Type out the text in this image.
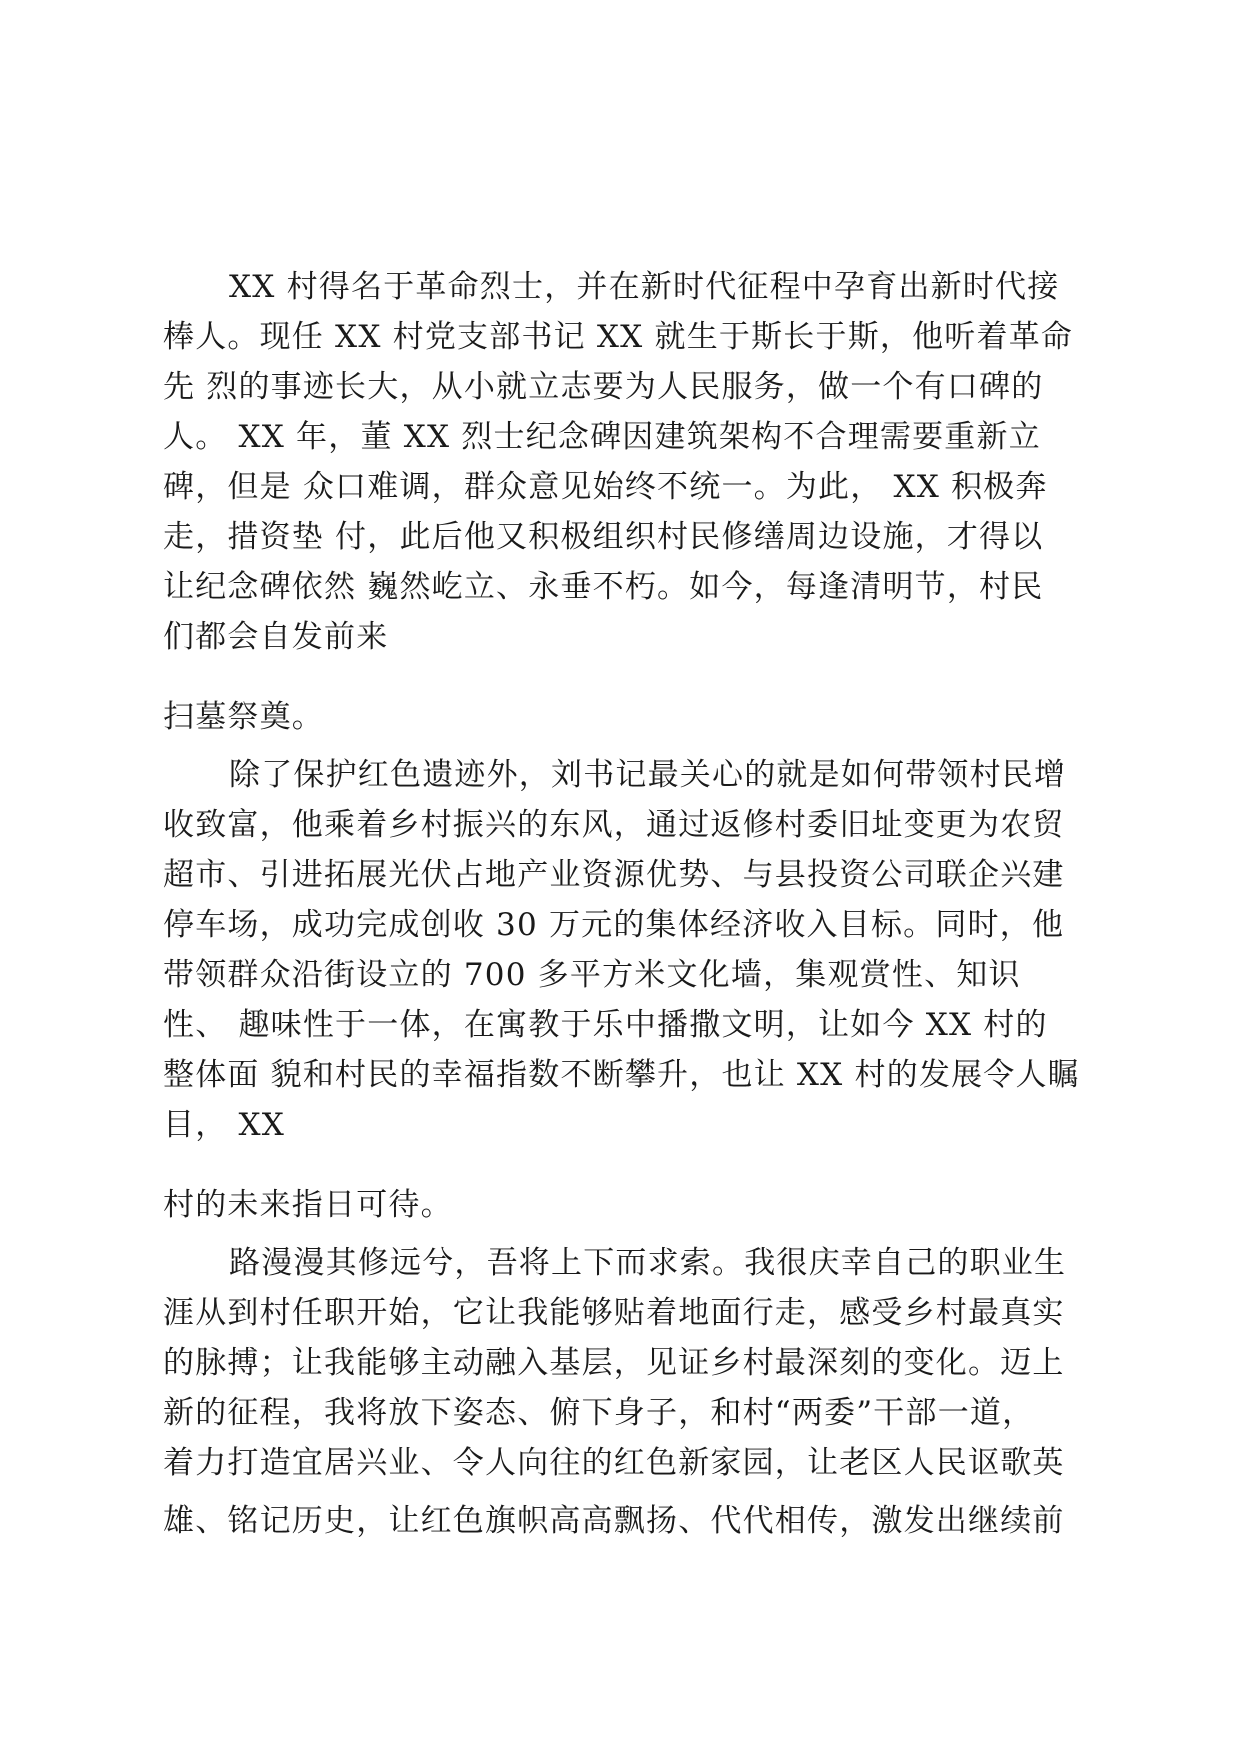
XX 村得名于革命烈士，并在新时代征程中孕育出新时代接
棒人。现任 XX 村党支部书记 XX 就生于斯长于斯，他听着革命
先 烈的事迹长大，从小就立志要为人民服务，做一个有口碑的
人。 XX 年，董 XX 烈士纪念碑因建筑架构不合理需要重新立
碑，但是 众口难调，群众意见始终不统一。为此， XX 积极奔
走，措资垫 付，此后他又积极组织村民修缮周边设施，才得以
让纪念碑依然 巍然屹立、永垂不朽。如今，每逢清明节，村民
们都会自发前来
扫墓祭奠。
除了保护红色遗迹外，刘书记最关心的就是如何带领村民增
收致富，他乘着乡村振兴的东风，通过返修村委旧址变更为农贸
超市、引进拓展光伏占地产业资源优势、与县投资公司联企兴建
停车场，成功完成创收 30 万元的集体经济收入目标。同时，他
带领群众沿街设立的 700 多平方米文化墙，集观赏性、知识
性、 趣味性于一体，在寓教于乐中播撒文明，让如今 XX 村的
整体面 貌和村民的幸福指数不断攀升，也让 XX 村的发展令人瞩
目， XX
村的未来指日可待。
路漫漫其修远兮，吾将上下而求索。我很庆幸自己的职业生
涯从到村任职开始，它让我能够贴着地面行走，感受乡村最真实
的脉搏；让我能够主动融入基层，见证乡村最深刻的变化。迈上
新的征程，我将放下姿态、俯下身子，和村“两委”干部一道，
着力打造宜居兴业、令人向往的红色新家园，让老区人民讴歌英
雄、铭记历史，让红色旗帜高高飘扬、代代相传，激发出继续前
